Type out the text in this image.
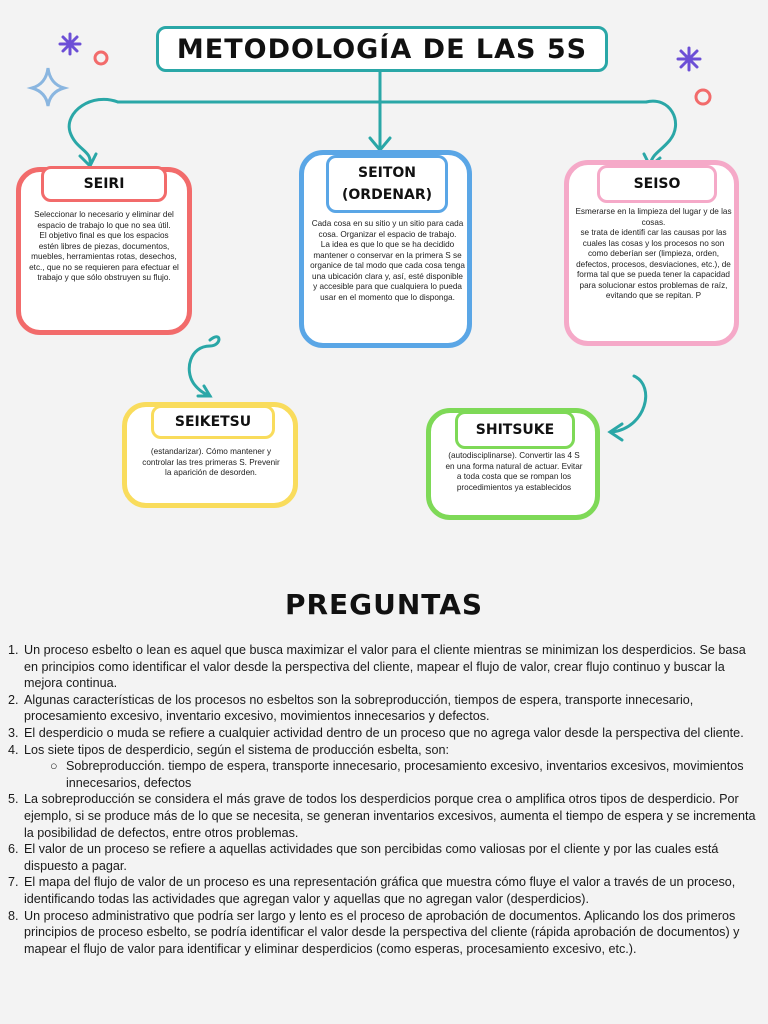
METODOLOGÍA DE LAS 5S
SEIRI
Seleccionar lo necesario y eliminar del espacio de trabajo lo que no sea útil.
El objetivo final es que los espacios estén libres de piezas, documentos, muebles, herramientas rotas, desechos, etc., que no se requieren para efectuar el trabajo y que sólo obstruyen su flujo.
SEITON
(ORDENAR)
Cada cosa en su sitio y un sitio para cada cosa. Organizar el espacio de trabajo.
La idea es que lo que se ha decidido mantener o conservar en la primera S se organice de tal modo que cada cosa tenga una ubicación clara y, así, esté disponible y accesible para que cualquiera lo pueda usar en el momento que lo disponga.
SEISO
Esmerarse en la limpieza del lugar y de las cosas.
se trata de identifi car las causas por las cuales las cosas y los procesos no son como deberían ser (limpieza, orden, defectos, procesos, desviaciones, etc.), de forma tal que se pueda tener la capacidad para solucionar estos problemas de raíz, evitando que se repitan. P
SEIKETSU
(estandarizar). Cómo mantener y controlar las tres primeras S. Prevenir la aparición de desorden.
SHITSUKE
(autodisciplinarse). Convertir las 4 S en una forma natural de actuar. Evitar a toda costa que se rompan los procedimientos ya establecidos
PREGUNTAS
1. Un proceso esbelto o lean es aquel que busca maximizar el valor para el cliente mientras se minimizan los desperdicios. Se basa en principios como identificar el valor desde la perspectiva del cliente, mapear el flujo de valor, crear flujo continuo y buscar la mejora continua.
2. Algunas características de los procesos no esbeltos son la sobreproducción, tiempos de espera, transporte innecesario, procesamiento excesivo, inventario excesivo, movimientos innecesarios y defectos.
3. El desperdicio o muda se refiere a cualquier actividad dentro de un proceso que no agrega valor desde la perspectiva del cliente.
4. Los siete tipos de desperdicio, según el sistema de producción esbelta, son:
○ Sobreproducción. tiempo de espera, transporte innecesario, procesamiento excesivo, inventarios excesivos, movimientos innecesarios, defectos
5. La sobreproducción se considera el más grave de todos los desperdicios porque crea o amplifica otros tipos de desperdicio. Por ejemplo, si se produce más de lo que se necesita, se generan inventarios excesivos, aumenta el tiempo de espera y se incrementa la posibilidad de defectos, entre otros problemas.
6. El valor de un proceso se refiere a aquellas actividades que son percibidas como valiosas por el cliente y por las cuales está dispuesto a pagar.
7. El mapa del flujo de valor de un proceso es una representación gráfica que muestra cómo fluye el valor a través de un proceso, identificando todas las actividades que agregan valor y aquellas que no agregan valor (desperdicios).
8. Un proceso administrativo que podría ser largo y lento es el proceso de aprobación de documentos. Aplicando los dos primeros principios de proceso esbelto, se podría identificar el valor desde la perspectiva del cliente (rápida aprobación de documentos) y mapear el flujo de valor para identificar y eliminar desperdicios (como esperas, procesamiento excesivo, etc.).
